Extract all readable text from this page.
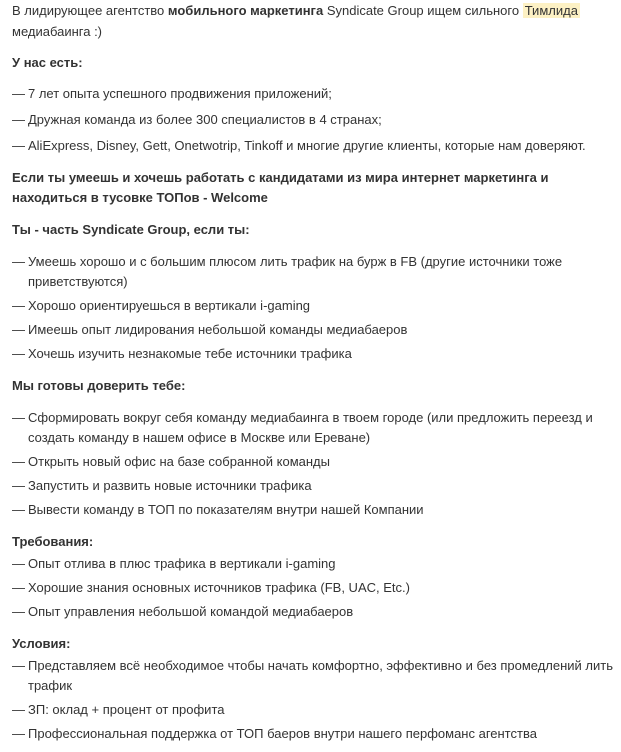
В лидирующее агентство мобильного маркетинга Syndicate Group ищем сильного Тимлида медиабаинга :)

У нас есть:
— 7 лет опыта успешного продвижения приложений;
— Дружная команда из более 300 специалистов в 4 странах;
— AliExpress, Disney, Gett, Onetwotrip, Tinkoff и многие другие клиенты, которые нам доверяют.
Если ты умеешь и хочешь работать с кандидатами из мира интернет маркетинга и находиться в тусовке ТОПов - Welcome
Ты - часть Syndicate Group, если ты:
— Умеешь хорошо и с большим плюсом лить трафик на бурж в FB (другие источники тоже приветствуются)
— Хорошо ориентируешься в вертикали i-gaming
— Имеешь опыт лидирования небольшой команды медиабаеров
— Хочешь изучить незнакомые тебе источники трафика
Мы готовы доверить тебе:
— Сформировать вокруг себя команду медиабаинга в твоем городе (или предложить переезд и создать команду в нашем офисе в Москве или Ереване)
— Открыть новый офис на базе собранной команды
— Запустить и развить новые источники трафика
— Вывести команду в ТОП по показателям внутри нашей Компании
Требования:
— Опыт отлива в плюс трафика в вертикали i-gaming
— Хорошие знания основных источников трафика (FB, UAC, Etc.)
— Опыт управления небольшой командой медиабаеров
Условия:
— Представляем всё необходимое чтобы начать комфортно, эффективно и без промедлений лить трафик
— ЗП: оклад + процент от профита
— Профессиональная поддержка от ТОП баеров внутри нашего перфоманс агентства
